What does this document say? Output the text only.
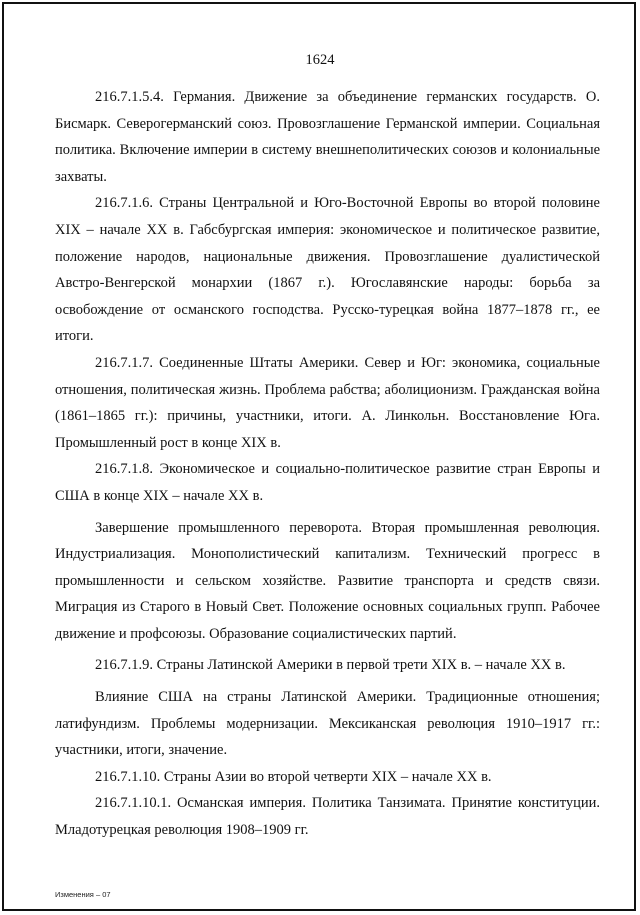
1624

216.7.1.5.4. Германия. Движение за объединение германских государств. О. Бисмарк. Северогерманский союз. Провозглашение Германской империи. Социальная политика. Включение империи в систему внешнеполитических союзов и колониальные захваты.

216.7.1.6. Страны Центральной и Юго-Восточной Европы во второй половине XIX – начале XX в. Габсбургская империя: экономическое и политическое развитие, положение народов, национальные движения. Провозглашение дуалистической Австро-Венгерской монархии (1867 г.). Югославянские народы: борьба за освобождение от османского господства. Русско-турецкая война 1877–1878 гг., ее итоги.

216.7.1.7. Соединенные Штаты Америки. Север и Юг: экономика, социальные отношения, политическая жизнь. Проблема рабства; аболиционизм. Гражданская война (1861–1865 гг.): причины, участники, итоги. А. Линкольн. Восстановление Юга. Промышленный рост в конце XIX в.

216.7.1.8. Экономическое и социально-политическое развитие стран Европы и США в конце XIX – начале XX в.

Завершение промышленного переворота. Вторая промышленная революция. Индустриализация. Монополистический капитализм. Технический прогресс в промышленности и сельском хозяйстве. Развитие транспорта и средств связи. Миграция из Старого в Новый Свет. Положение основных социальных групп. Рабочее движение и профсоюзы. Образование социалистических партий.

216.7.1.9. Страны Латинской Америки в первой трети XIX в. – начале XX в.

Влияние США на страны Латинской Америки. Традиционные отношения; латифундизм. Проблемы модернизации. Мексиканская революция 1910–1917 гг.: участники, итоги, значение.

216.7.1.10. Страны Азии во второй четверти XIX – начале XX в.

216.7.1.10.1. Османская империя. Политика Танзимата. Принятие конституции. Младотурецкая революция 1908–1909 гг.

Изменения – 07
